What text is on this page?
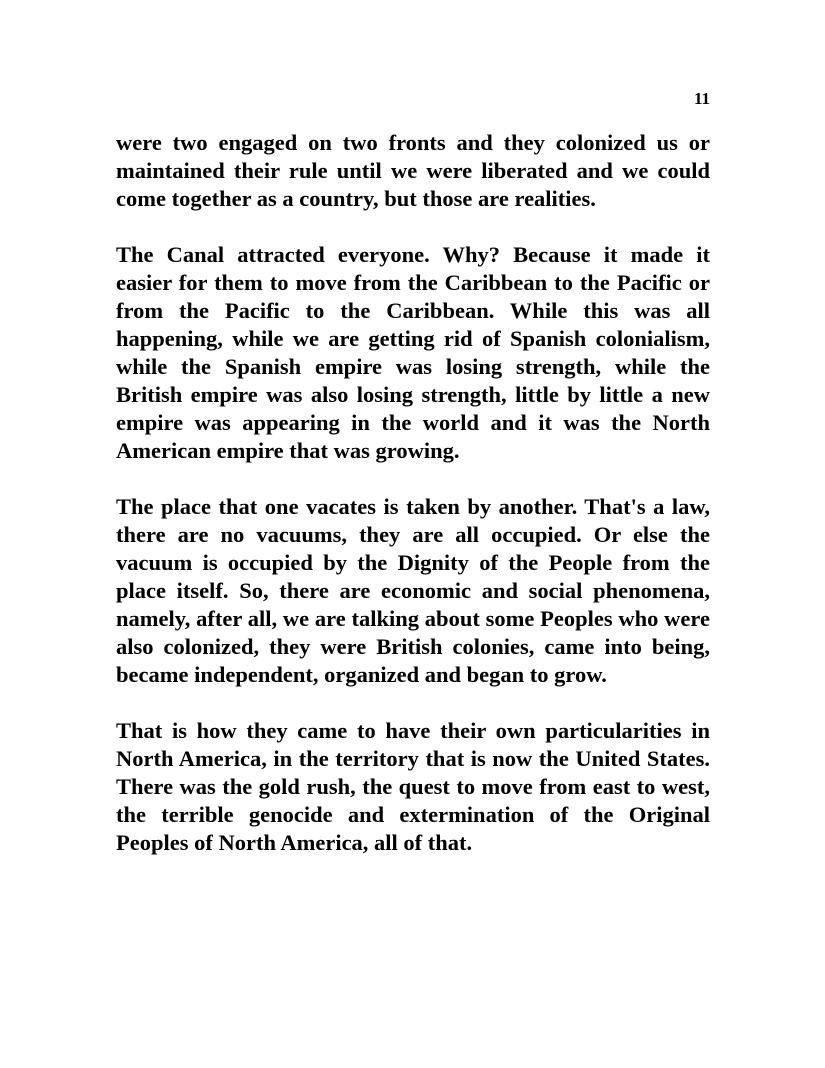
11

were two engaged on two fronts and they colonized us or maintained their rule until we were liberated and we could come together as a country, but those are realities.

The Canal attracted everyone. Why? Because it made it easier for them to move from the Caribbean to the Pacific or from the Pacific to the Caribbean. While this was all happening, while we are getting rid of Spanish colonialism, while the Spanish empire was losing strength, while the British empire was also losing strength, little by little a new empire was appearing in the world and it was the North American empire that was growing.

The place that one vacates is taken by another. That's a law, there are no vacuums, they are all occupied. Or else the vacuum is occupied by the Dignity of the People from the place itself. So, there are economic and social phenomena, namely, after all, we are talking about some Peoples who were also colonized, they were British colonies, came into being, became independent, organized and began to grow.

That is how they came to have their own particularities in North America, in the territory that is now the United States. There was the gold rush, the quest to move from east to west, the terrible genocide and extermination of the Original Peoples of North America, all of that.
